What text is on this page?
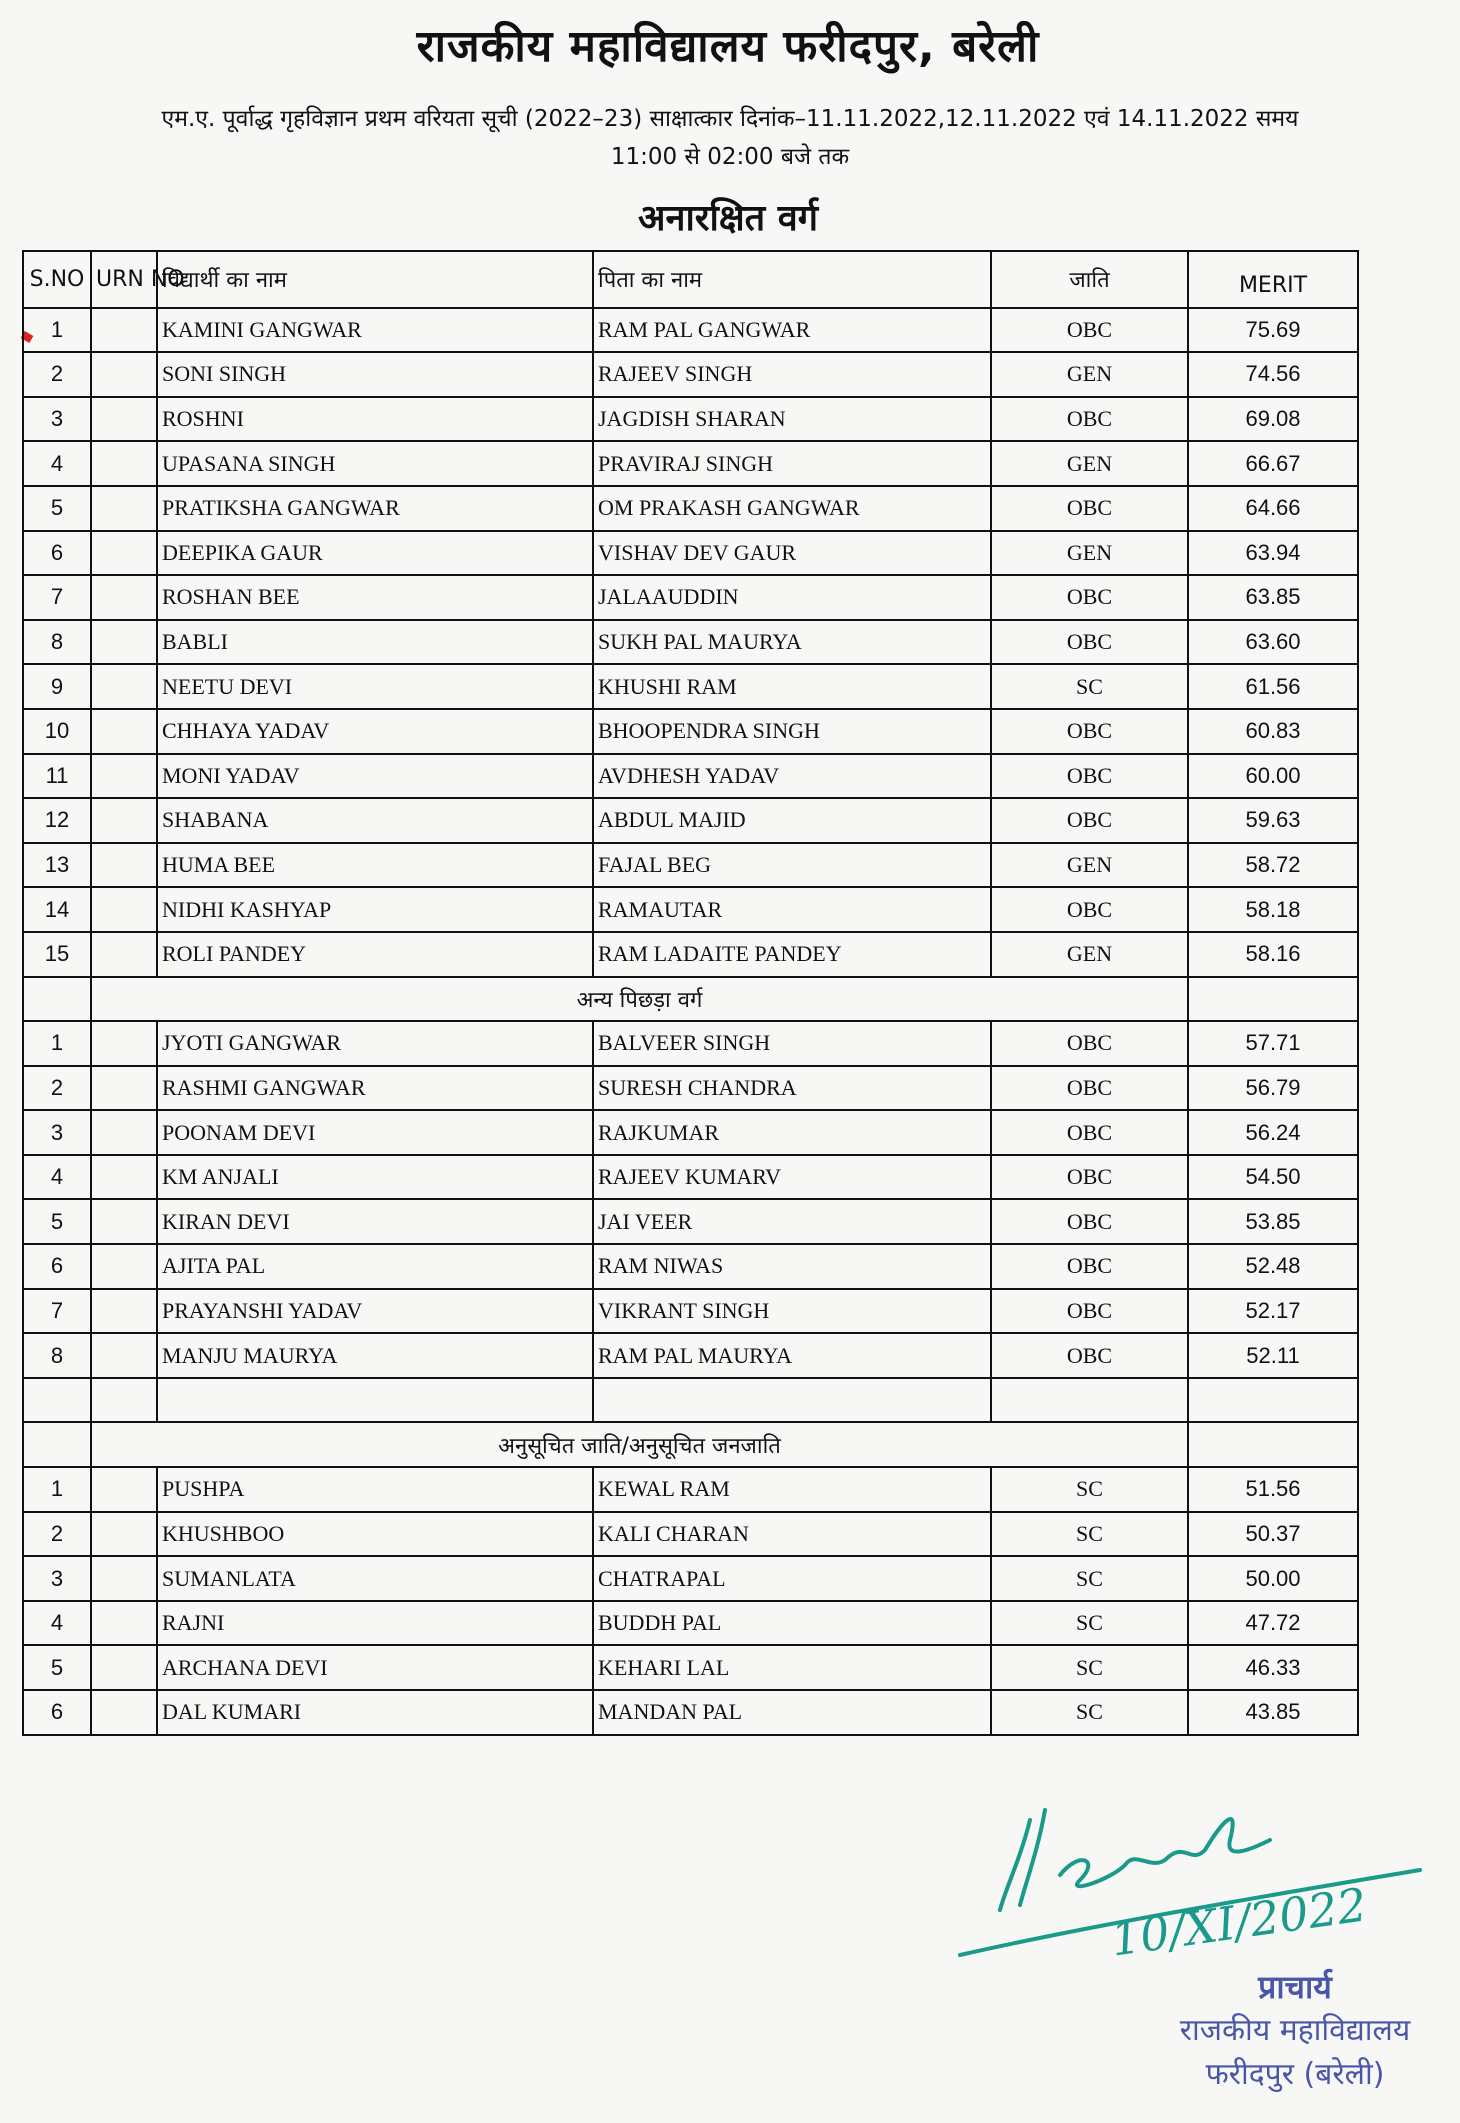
राजकीय महाविद्यालय फरीदपुर, बरेली
एम.ए. पूर्वाद्ध गृहविज्ञान प्रथम वरियता सूची (2022–23) साक्षात्कार दिनांक–11.11.2022,12.11.2022 एवं 14.11.2022 समय
11:00 से 02:00 बजे तक
अनारक्षित वर्ग
S.NO	URN NO	विद्यार्थी का नाम	पिता का नाम	जाति	MERIT
1		KAMINI GANGWAR	RAM PAL GANGWAR	OBC	75.69
2		SONI SINGH	RAJEEV SINGH	GEN	74.56
3		ROSHNI	JAGDISH SHARAN	OBC	69.08
4		UPASANA SINGH	PRAVIRAJ SINGH	GEN	66.67
5		PRATIKSHA GANGWAR	OM PRAKASH GANGWAR	OBC	64.66
6		DEEPIKA GAUR	VISHAV DEV GAUR	GEN	63.94
7		ROSHAN BEE	JALAAUDDIN	OBC	63.85
8		BABLI	SUKH PAL MAURYA	OBC	63.60
9		NEETU DEVI	KHUSHI RAM	SC	61.56
10		CHHAYA YADAV	BHOOPENDRA SINGH	OBC	60.83
11		MONI YADAV	AVDHESH YADAV	OBC	60.00
12		SHABANA	ABDUL MAJID	OBC	59.63
13		HUMA BEE	FAJAL BEG	GEN	58.72
14		NIDHI KASHYAP	RAMAUTAR	OBC	58.18
15		ROLI PANDEY	RAM LADAITE PANDEY	GEN	58.16
	अन्य पिछड़ा वर्ग				
1		JYOTI GANGWAR	BALVEER SINGH	OBC	57.71
2		RASHMI GANGWAR	SURESH CHANDRA	OBC	56.79
3		POONAM DEVI	RAJKUMAR	OBC	56.24
4		KM ANJALI	RAJEEV KUMARV	OBC	54.50
5		KIRAN DEVI	JAI VEER	OBC	53.85
6		AJITA PAL	RAM NIWAS	OBC	52.48
7		PRAYANSHI YADAV	VIKRANT SINGH	OBC	52.17
8		MANJU MAURYA	RAM PAL MAURYA	OBC	52.11

	अनुसूचित जाति/अनुसूचित जनजाति				
1		PUSHPA	KEWAL RAM	SC	51.56
2		KHUSHBOO	KALI CHARAN	SC	50.37
3		SUMANLATA	CHATRAPAL	SC	50.00
4		RAJNI	BUDDH PAL	SC	47.72
5		ARCHANA DEVI	KEHARI LAL	SC	46.33
6		DAL KUMARI	MANDAN PAL	SC	43.85
10/XI/2022
प्राचार्य
राजकीय महाविद्यालय
फरीदपुर (बरेली)
